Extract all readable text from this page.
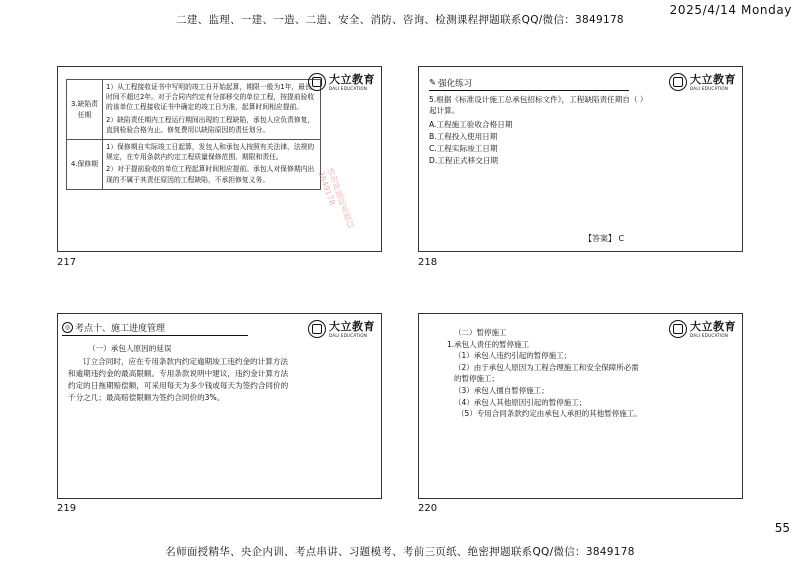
二建、监理、一建、一造、二造、安全、消防、咨询、检测课程押题联系QQ/微信：3849178
2025/4/14 Monday
3.缺陷责任期	1）从工程接收证书中写明的竣工日开始起算，期限一般为1年，最长时间不超过2年。对于合同内约定有分部移交的单位工程，按提前验收的该单位工程接收证书中确定的竣工日为准，起算时间相应提前。
2）缺陷责任期内工程运行期间出现的工程缺陷，承包人应负责修复，直到检验合格为止。修复费用以缺陷原因的责任划分。

4.保修期	1）保修期自实际竣工日起算，发包人和承包人按照有关法律、法规的规定，在专用条款内约定工程质量保修范围、期限和责任。
2）对于提前验收的单位工程起算时间相应提前。承包人对保修期内出现的不属于其责任原因的工程缺陷，不承担修复义务。
大立教育
DALI EDUCATION
请勿押题联系微信3849178
217
✎ 强化练习
5.根据《标准设计施工总承包招标文件》，工程缺陷责任期自（ ）起计算。
A.工程施工验收合格日期
B.工程投入使用日期
C.工程实际竣工日期
D.工程正式移交日期
【答案】 C
大立教育
DALI EDUCATION
218
◎ 考点十、施工进度管理
（一）承包人原因的延误
订立合同时，应在专用条款内约定逾期竣工违约金的计算方法和逾期违约金的最高限额。专用条款说明中建议，违约金计算方法约定的日拖期赔偿额，可采用每天为多少钱或每天为签约合同价的千分之几；最高赔偿限额为签约合同价的3%。
大立教育
DALI EDUCATION
219
（二）暂停施工
1.承包人责任的暂停施工
（1）承包人违约引起的暂停施工；
（2）由于承包人原因为工程合理施工和安全保障所必需的暂停施工；
（3）承包人擅自暂停施工；
（4）承包人其他原因引起的暂停施工；
（5）专用合同条款约定由承包人承担的其他暂停施工。
大立教育
DALI EDUCATION
220
55
名师面授精华、央企内训、考点串讲、习题模考、考前三页纸、绝密押题联系QQ/微信：3849178
